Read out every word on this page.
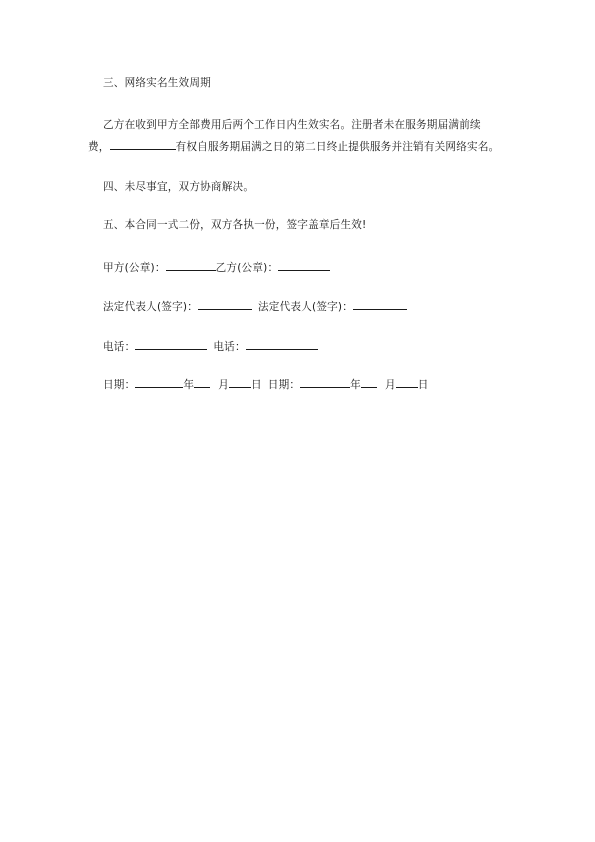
三、网络实名生效周期
乙方在收到甲方全部费用后两个工作日内生效实名。注册者未在服务期届满前续
费，	有权自服务期届满之日的第二日终止提供服务并注销有关网络实名。
四、未尽事宜，双方协商解决。
五、本合同一式二份，双方各执一份，签字盖章后生效!
甲方(公章)：	乙方(公章)：
法定代表人(签字)：	法定代表人(签字)：
电话：	电话：
日期：	年 月 日 日期：	年 月 日
